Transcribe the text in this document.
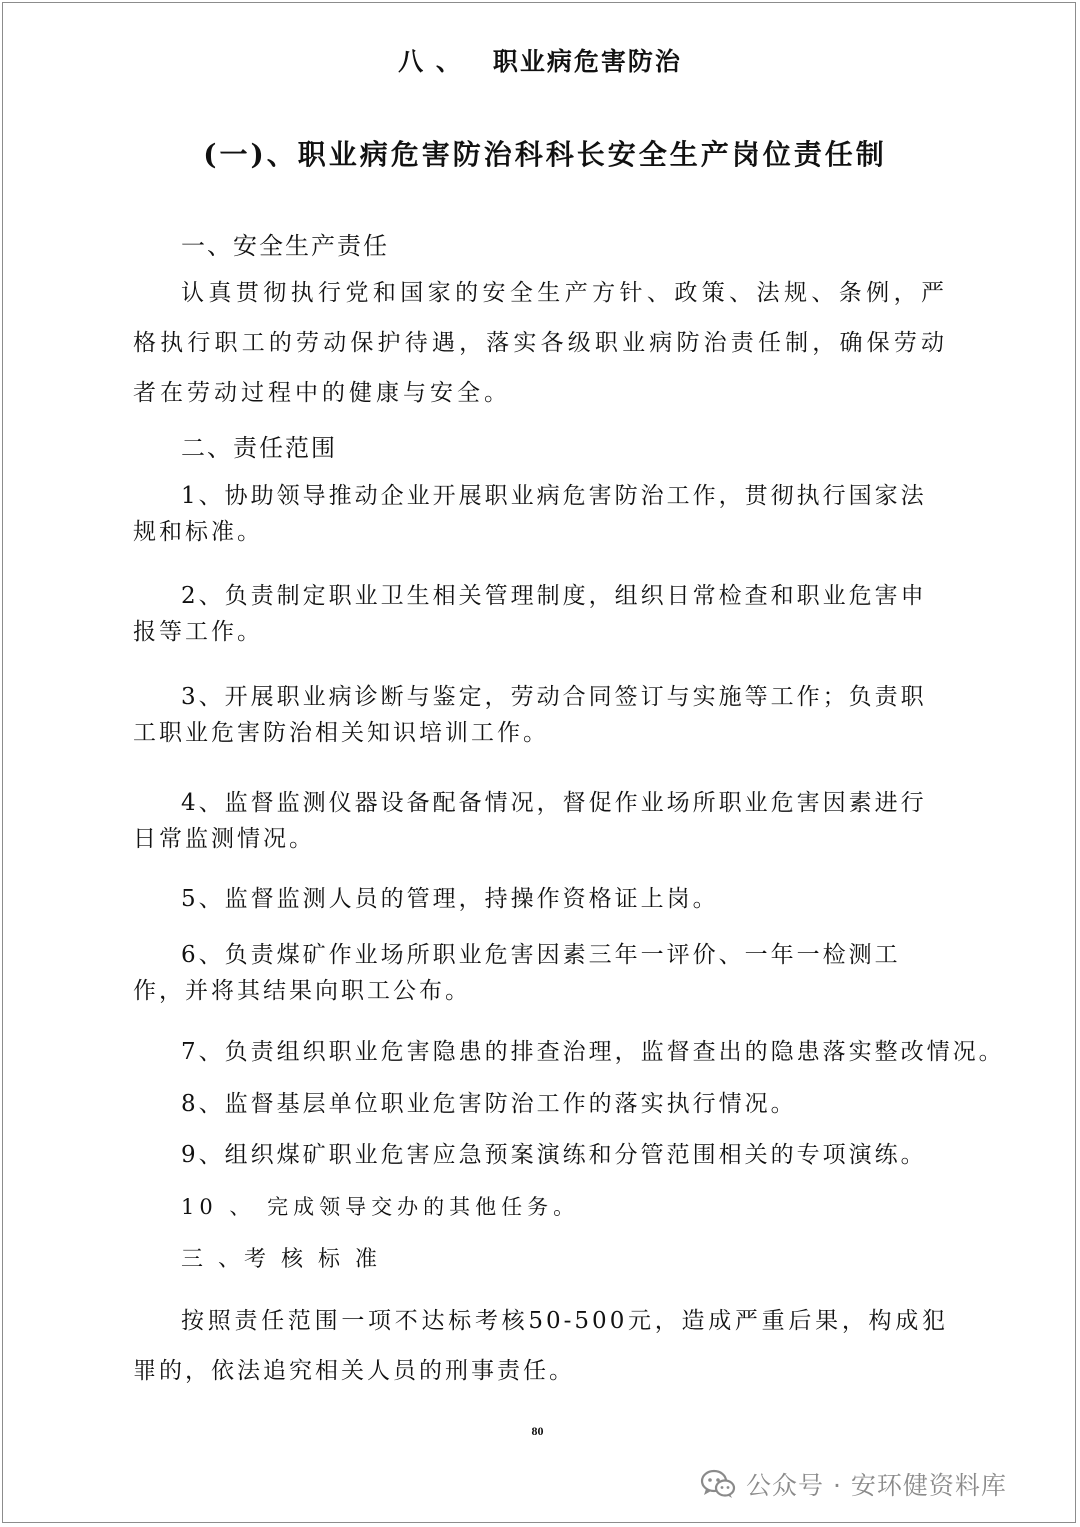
八 、 职业病危害防治
(一)、职业病危害防治科科长安全生产岗位责任制
一、安全生产责任
认真贯彻执行党和国家的安全生产方针、政策、法规、条例，严格执行职工的劳动保护待遇，落实各级职业病防治责任制，确保劳动者在劳动过程中的健康与安全。
二、责任范围
1、协助领导推动企业开展职业病危害防治工作，贯彻执行国家法规和标准。
2、负责制定职业卫生相关管理制度，组织日常检查和职业危害申报等工作。
3、开展职业病诊断与鉴定，劳动合同签订与实施等工作；负责职工职业危害防治相关知识培训工作。
4、监督监测仪器设备配备情况，督促作业场所职业危害因素进行日常监测情况。
5、监督监测人员的管理，持操作资格证上岗。
6、负责煤矿作业场所职业危害因素三年一评价、一年一检测工作，并将其结果向职工公布。
7、负责组织职业危害隐患的排查治理，监督查出的隐患落实整改情况。
8、监督基层单位职业危害防治工作的落实执行情况。
9、组织煤矿职业危害应急预案演练和分管范围相关的专项演练。
10 、 完成领导交办的其他任务。
三 、考 核 标 准
按照责任范围一项不达标考核50-500元，造成严重后果，构成犯罪的，依法追究相关人员的刑事责任。
80
公众号 · 安环健资料库
